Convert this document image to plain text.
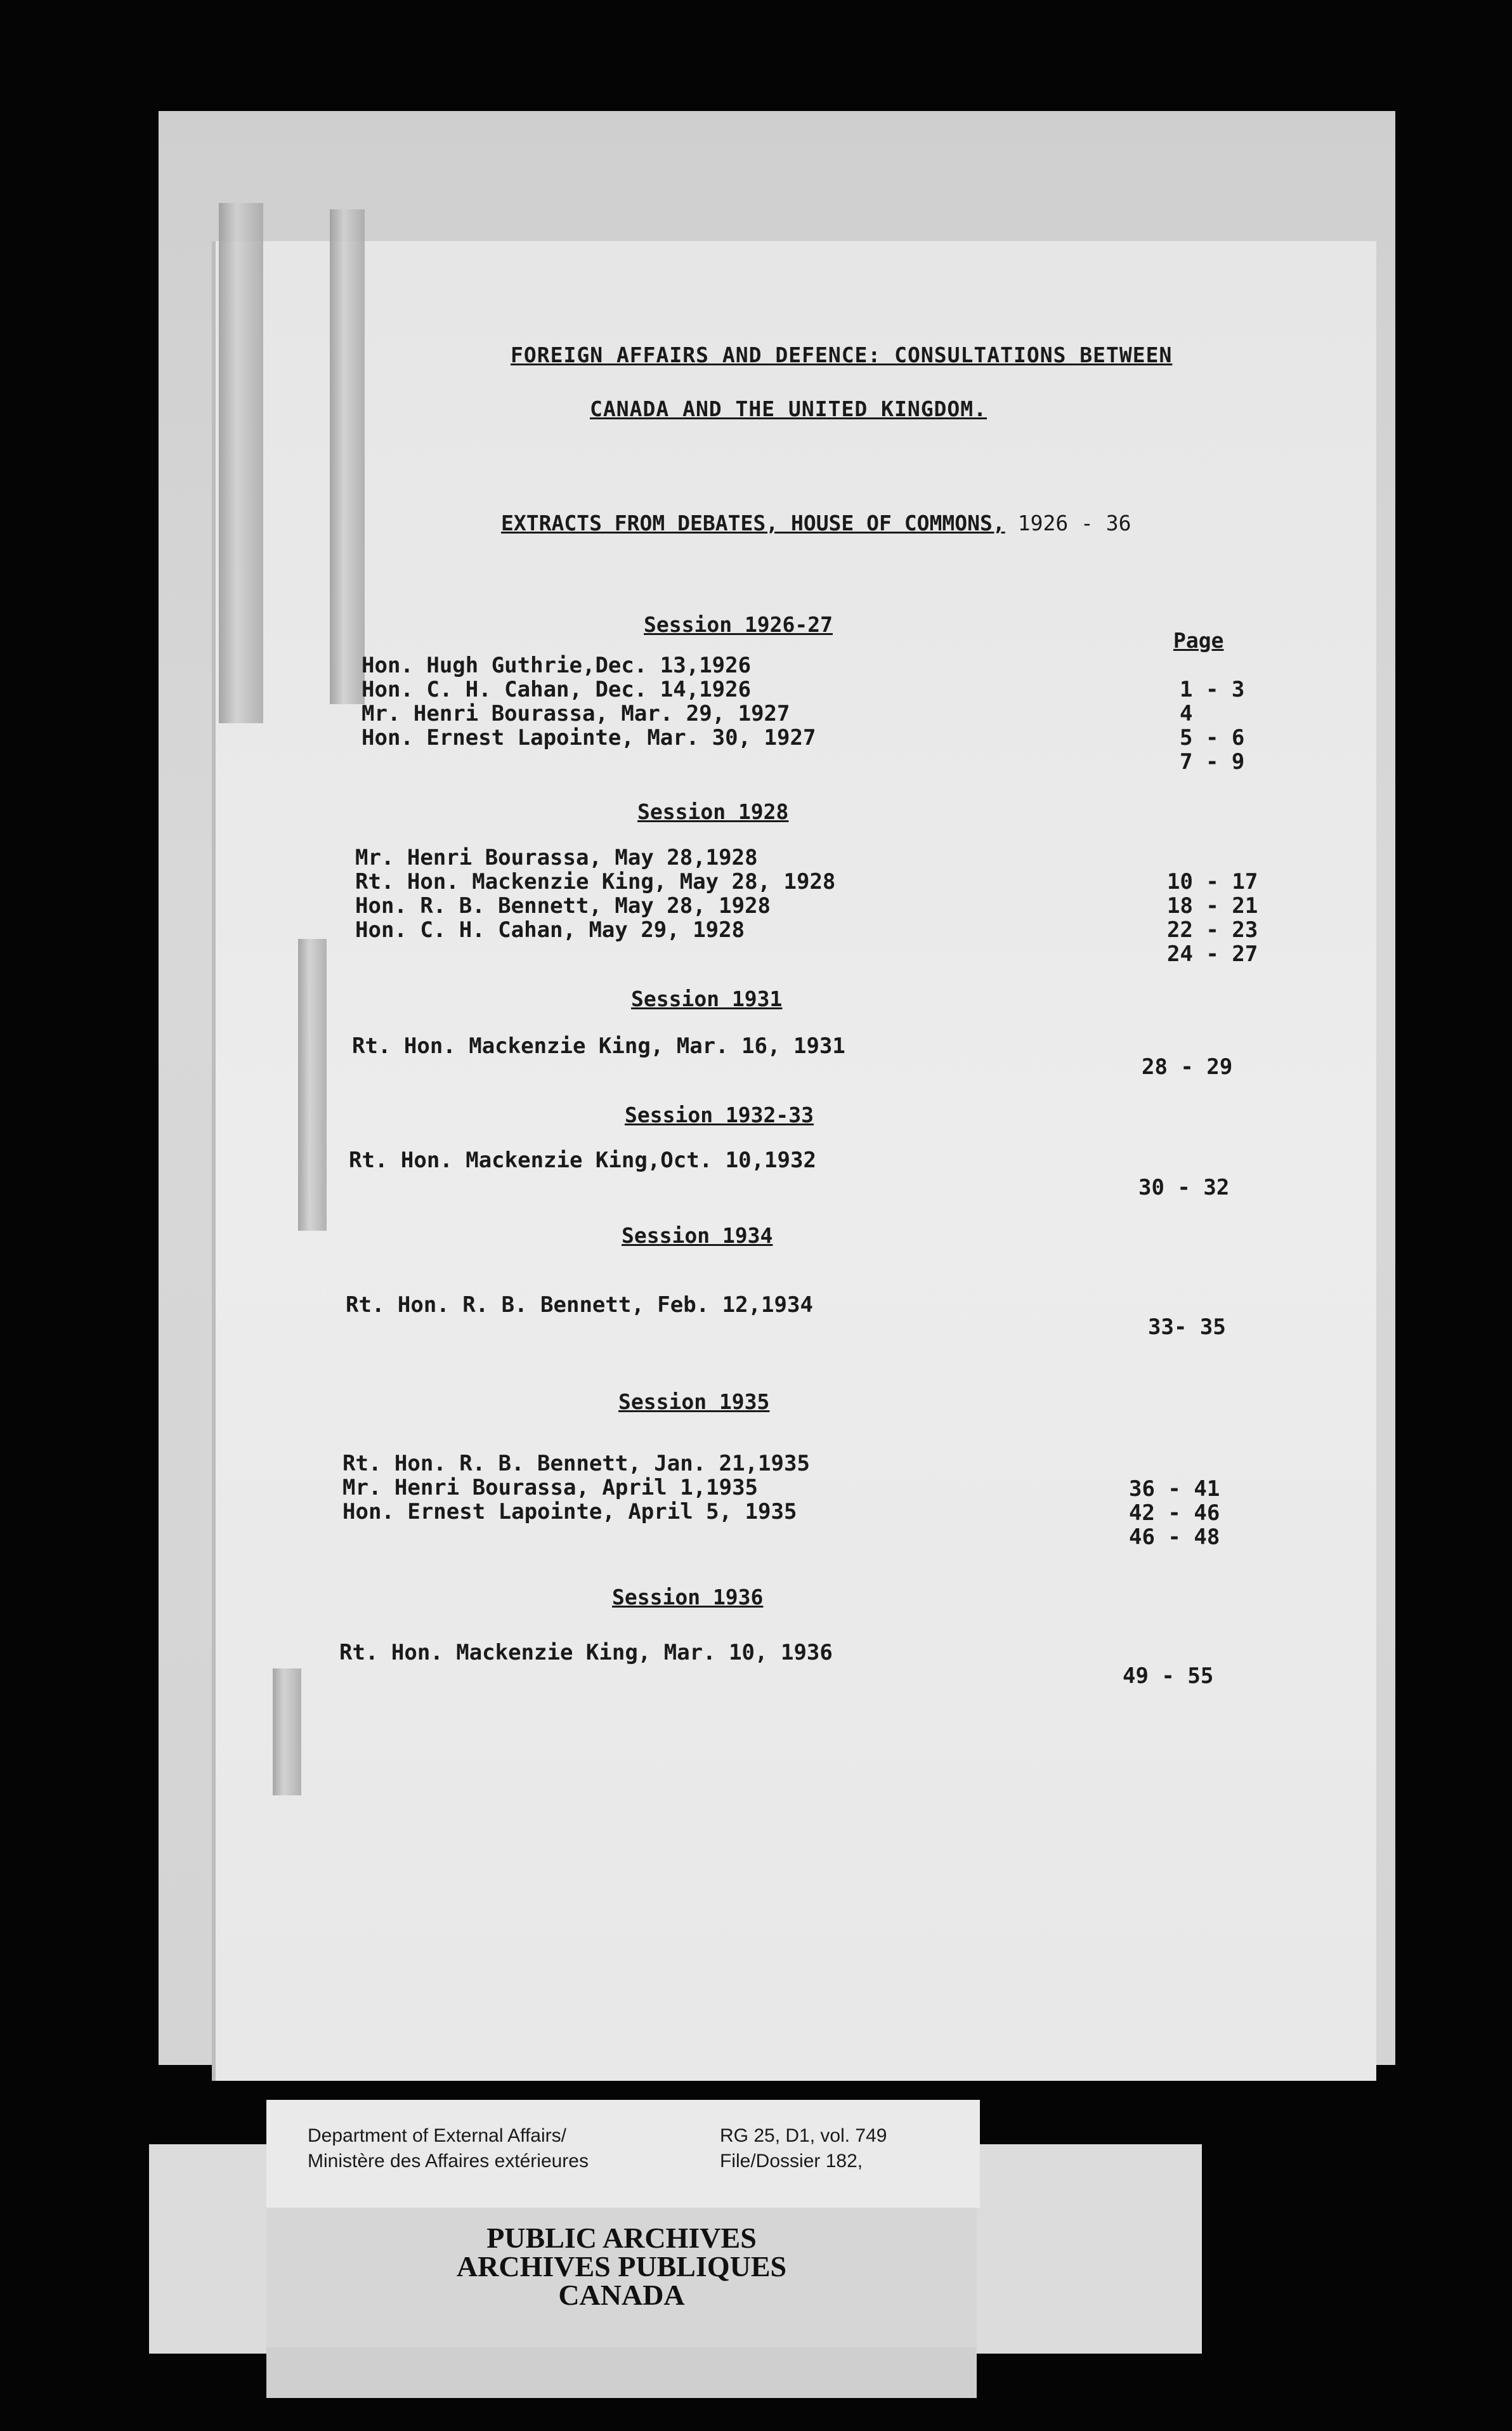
FOREIGN AFFAIRS AND DEFENCE: CONSULTATIONS BETWEEN
CANADA AND THE UNITED KINGDOM.
EXTRACTS FROM DEBATES, HOUSE OF COMMONS, 1926 - 36
Page
Session 1926-27
Hon. Hugh Guthrie,Dec. 13,1926
Hon. C. H. Cahan, Dec. 14,1926
Mr. Henri Bourassa, Mar. 29, 1927
Hon. Ernest Lapointe, Mar. 30, 1927
1 - 3
4
5 - 6
7 - 9
Session 1928
Mr. Henri Bourassa, May 28,1928
Rt. Hon. Mackenzie King, May 28, 1928
Hon. R. B. Bennett, May 28, 1928
Hon. C. H. Cahan, May 29, 1928
10 - 17
18 - 21
22 - 23
24 - 27
Session 1931
Rt. Hon. Mackenzie King, Mar. 16, 1931
28 - 29
Session 1932-33
Rt. Hon. Mackenzie King,Oct. 10,1932
30 - 32
Session 1934
Rt. Hon. R. B. Bennett, Feb. 12,1934
33- 35
Session 1935
Rt. Hon. R. B. Bennett, Jan. 21,1935
Mr. Henri Bourassa, April 1,1935
Hon. Ernest Lapointe, April 5, 1935
36 - 41
42 - 46
46 - 48
Session 1936
Rt. Hon. Mackenzie King, Mar. 10, 1936
49 - 55
Department of External Affairs/
Ministère des Affaires extérieures
RG 25, D1, vol. 749
File/Dossier 182,
PUBLIC ARCHIVES
ARCHIVES PUBLIQUES
CANADA
